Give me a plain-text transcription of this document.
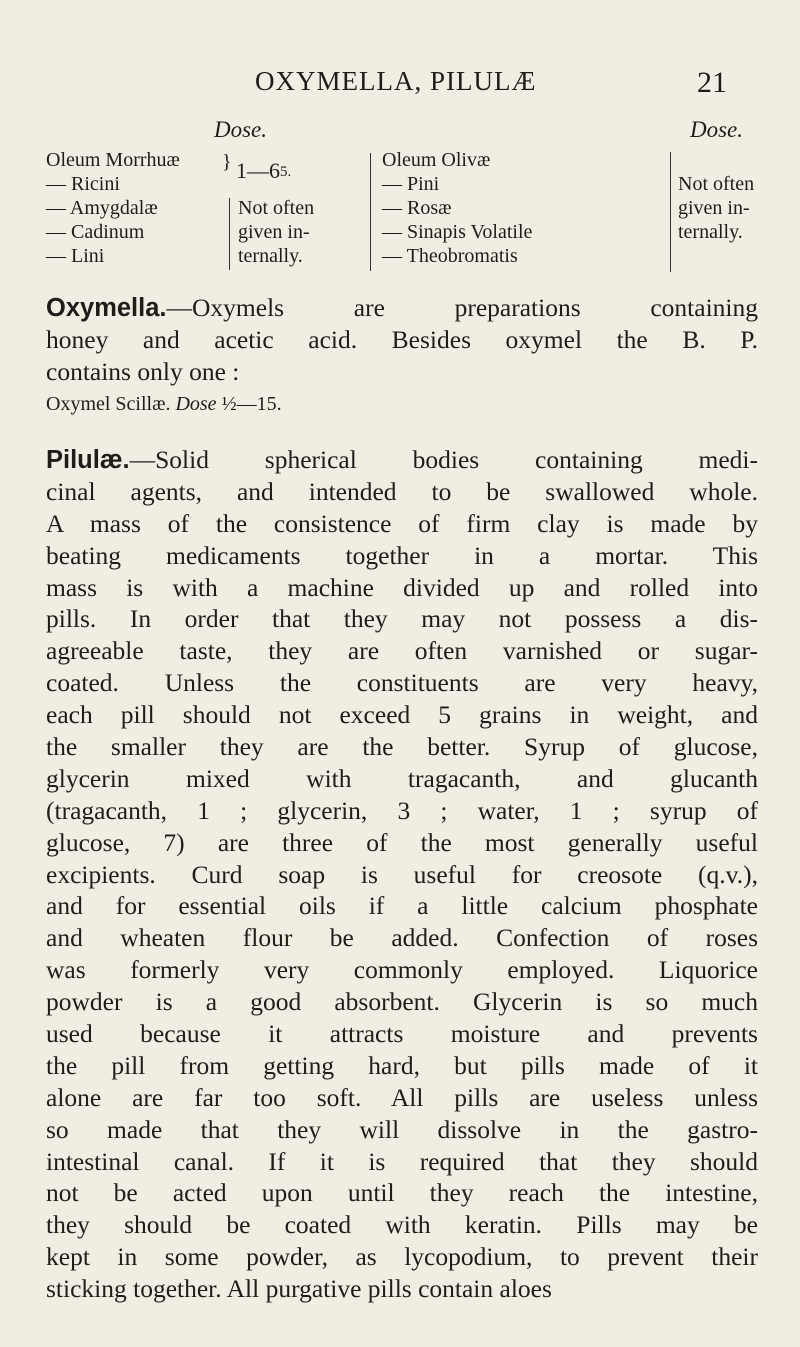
OXYMELLA, PILULÆ	21
Dose.	Dose.
Oleum Morrhuæ
— Ricini
— Amygdalæ
— Cadinum
— Lini
} 1—65.
Not often
given in-
ternally.
Oleum Olivæ
— Pini
— Rosæ
— Sinapis Volatile
— Theobromatis
Not often
given in-
ternally.
Oxymella.—Oxymels are preparations containing
honey and acetic acid. Besides oxymel the B. P.
contains only one :
Oxymel Scillæ. Dose ½—15.
Pilulæ.—Solid spherical bodies containing medi-
cinal agents, and intended to be swallowed whole.
A mass of the consistence of firm clay is made by
beating medicaments together in a mortar. This
mass is with a machine divided up and rolled into
pills. In order that they may not possess a dis-
agreeable taste, they are often varnished or sugar-
coated. Unless the constituents are very heavy,
each pill should not exceed 5 grains in weight, and
the smaller they are the better. Syrup of glucose,
glycerin mixed with tragacanth, and glucanth
(tragacanth, 1 ; glycerin, 3 ; water, 1 ; syrup of
glucose, 7) are three of the most generally useful
excipients. Curd soap is useful for creosote (q.v.),
and for essential oils if a little calcium phosphate
and wheaten flour be added. Confection of roses
was formerly very commonly employed. Liquorice
powder is a good absorbent. Glycerin is so much
used because it attracts moisture and prevents
the pill from getting hard, but pills made of it
alone are far too soft. All pills are useless unless
so made that they will dissolve in the gastro-
intestinal canal. If it is required that they should
not be acted upon until they reach the intestine,
they should be coated with keratin. Pills may be
kept in some powder, as lycopodium, to prevent their
sticking together. All purgative pills contain aloes
